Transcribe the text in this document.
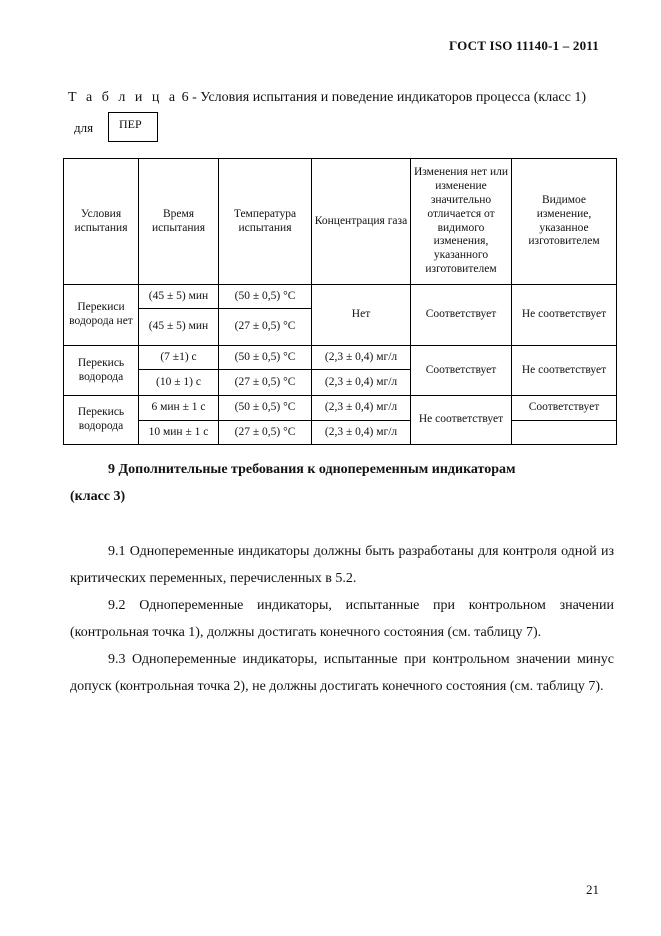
ГОСТ ISO 11140-1 – 2011
Т а б л и ц а 6 - Условия испытания и поведение индикаторов процесса (класс 1)
для	ПЕР
Условия испытания	Время испытания	Температура испытания	Концентрация газа	Изменения нет или изменение значительно отличается от видимого изменения, указанного изготовителем	Видимое изменение, указанное изготовителем
Перекиси водорода нет	(45 ± 5) мин	(50 ± 0,5) °С	Нет	Соответствует	Не соответствует
	(45 ± 5) мин	(27 ± 0,5) °С			
Перекись водорода	(7 ±1) с	(50 ± 0,5) °С	(2,3 ± 0,4) мг/л	Соответствует	Не соответствует
	(10 ± 1) с	(27 ± 0,5) °С	(2,3 ± 0,4) мг/л		
Перекись водорода	6 мин ± 1 с	(50 ± 0,5) °С	(2,3 ± 0,4) мг/л	Не соответствует	Соответствует
	10 мин ± 1 с	(27 ± 0,5) °С	(2,3 ± 0,4) мг/л		
9 Дополнительные требования к однопеременным индикаторам
(класс 3)
9.1 Однопеременные индикаторы должны быть разработаны для контроля одной из критических переменных, перечисленных в 5.2.
9.2 Однопеременные индикаторы, испытанные при контрольном значении (контрольная точка 1), должны достигать конечного состояния (см. таблицу 7).
9.3 Однопеременные индикаторы, испытанные при контрольном значении минус допуск (контрольная точка 2), не должны достигать конечного состояния (см. таблицу 7).
21
